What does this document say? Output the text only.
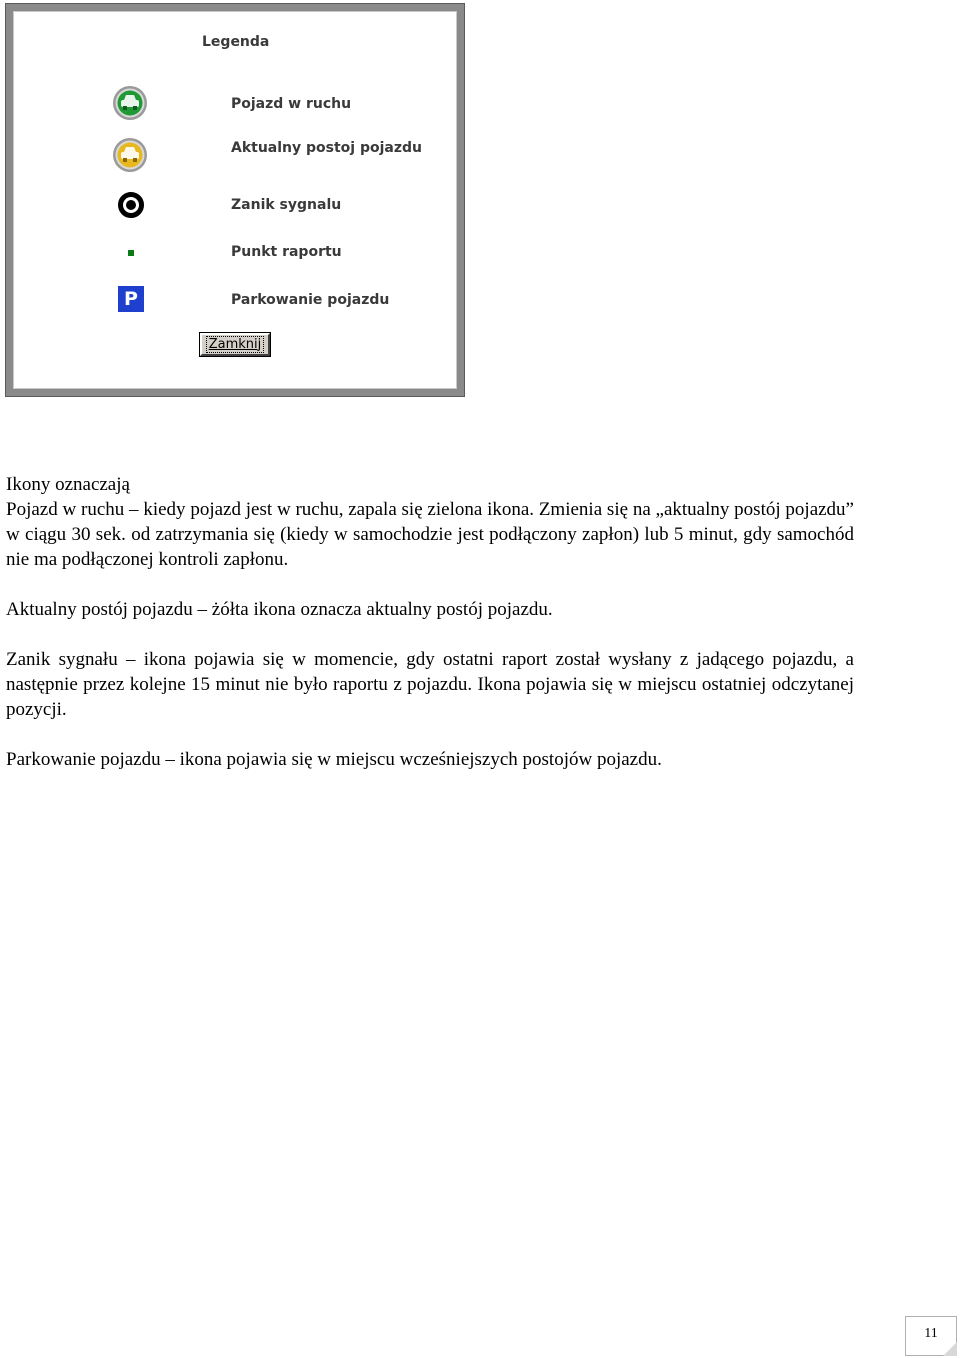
Legenda
Pojazd w ruchu
Aktualny postoj pojazdu
Zanik sygnalu
Punkt raportu
P	Parkowanie pojazdu
Zamknij

Ikony oznaczają

Pojazd w ruchu – kiedy pojazd jest w ruchu, zapala się zielona ikona. Zmienia się na „aktualny postój pojazdu” w ciągu 30 sek. od zatrzymania się (kiedy w samochodzie jest podłączony zapłon) lub 5 minut, gdy samochód nie ma podłączonej kontroli zapłonu.

Aktualny postój pojazdu – żółta ikona oznacza aktualny postój pojazdu.

Zanik sygnału – ikona pojawia się w momencie, gdy ostatni raport został wysłany z jadącego pojazdu, a następnie przez kolejne 15 minut nie było raportu z pojazdu. Ikona pojawia się w miejscu ostatniej odczytanej pozycji.

Parkowanie pojazdu – ikona pojawia się w miejscu wcześniejszych postojów pojazdu.

11
